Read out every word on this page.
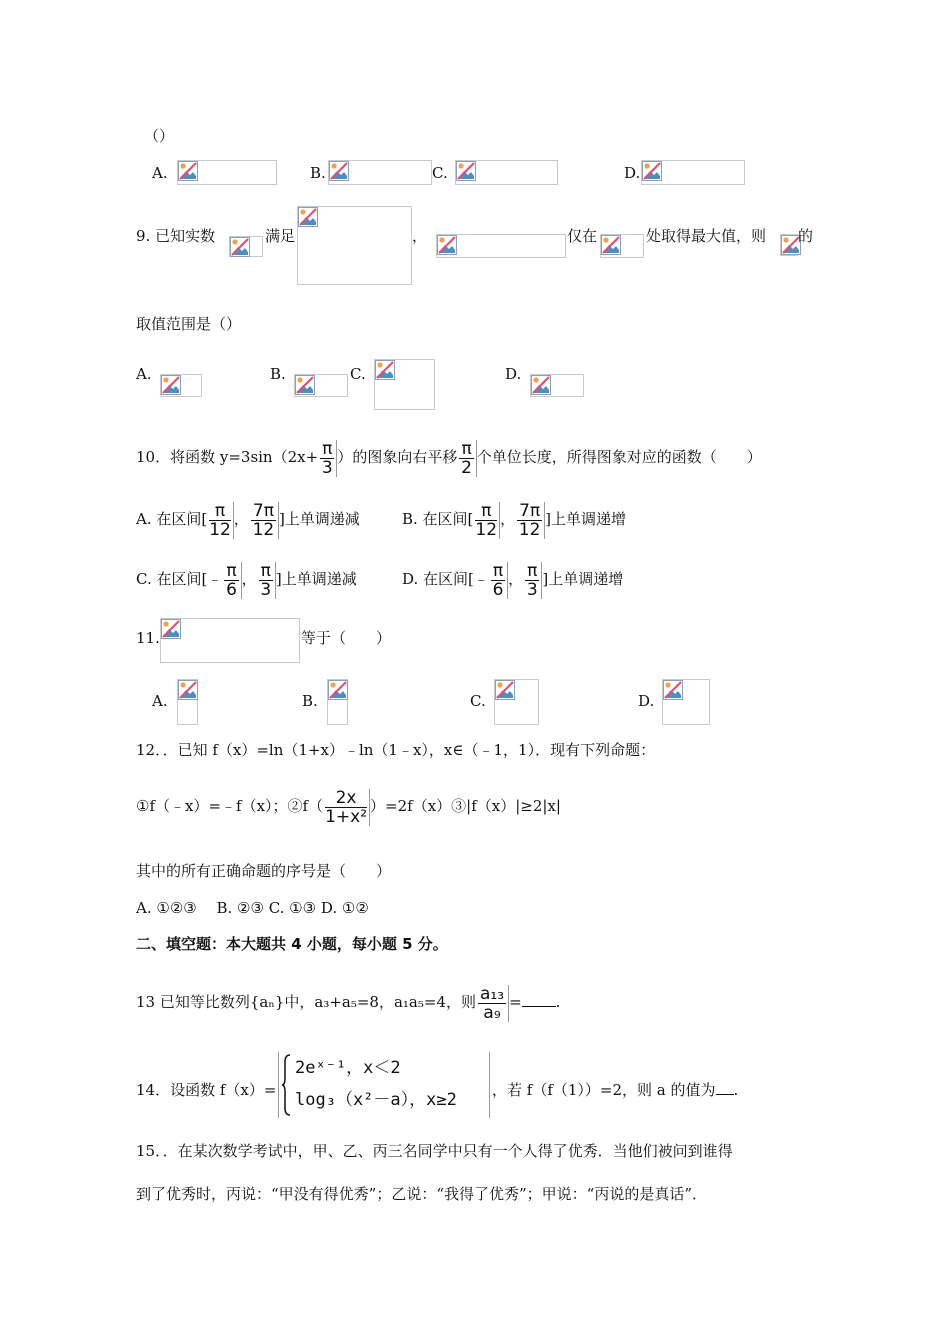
（）
A.	B.	C.	D.
9. 已知实数	满足	，	仅在	处取得最大值，则 的
取值范围是（）
A.	B.	C.	D.
10．将函数 $y=3\sin(2x+ \frac{\pi}{3}$ ）的图象向右平移 $\frac{\pi}{2}$ 个单位长度，所得图象对应的函数（　　）
A. 在区间[ $\frac{\pi}{12}$ ， $\frac{7\pi}{12}$ ]上单调递减	B. 在区间[ $\frac{\pi}{12}$ ， $\frac{7\pi}{12}$ ]上单调递增
C. 在区间[﹣ $\frac{\pi}{6}$ ， $\frac{\pi}{3}$ ]上单调递减	D. 在区间[﹣ $\frac{\pi}{6}$ ， $\frac{\pi}{3}$ ]上单调递增
11.	等于（　　）
A.	B.	C.	D.
12．．已知 f（x）=ln（1+x）﹣ln（1﹣x），x∈（﹣1，1）．现有下列命题：
①f（﹣x）=﹣f（x）；②f（ $\frac{2x}{\text{1+x²}}$ ）=2f（x）③|f（x）|≥2|x|
其中的所有正确命题的序号是（　　）
A. ①②③　 B. ②③ C. ①③ D. ①②
二、填空题：本大题共 4 小题，每小题 5 分。
13 已知等比数列{aₙ}中，a₃+a₅=8，a₁a₅=4，则 $\frac{\text{a₁₃}}{\text{a₉}}$ = .
14．设函数 f（x）=
2eˣ⁻¹，x＜2
log₃（x²－a），x≥2 ，若 f（f（1））=2，则 a 的值为 .
15．．在某次数学考试中，甲、乙、丙三名同学中只有一个人得了优秀．当他们被问到谁得
到了优秀时，丙说：“甲没有得优秀”；乙说：“我得了优秀”；甲说：“丙说的是真话”．
